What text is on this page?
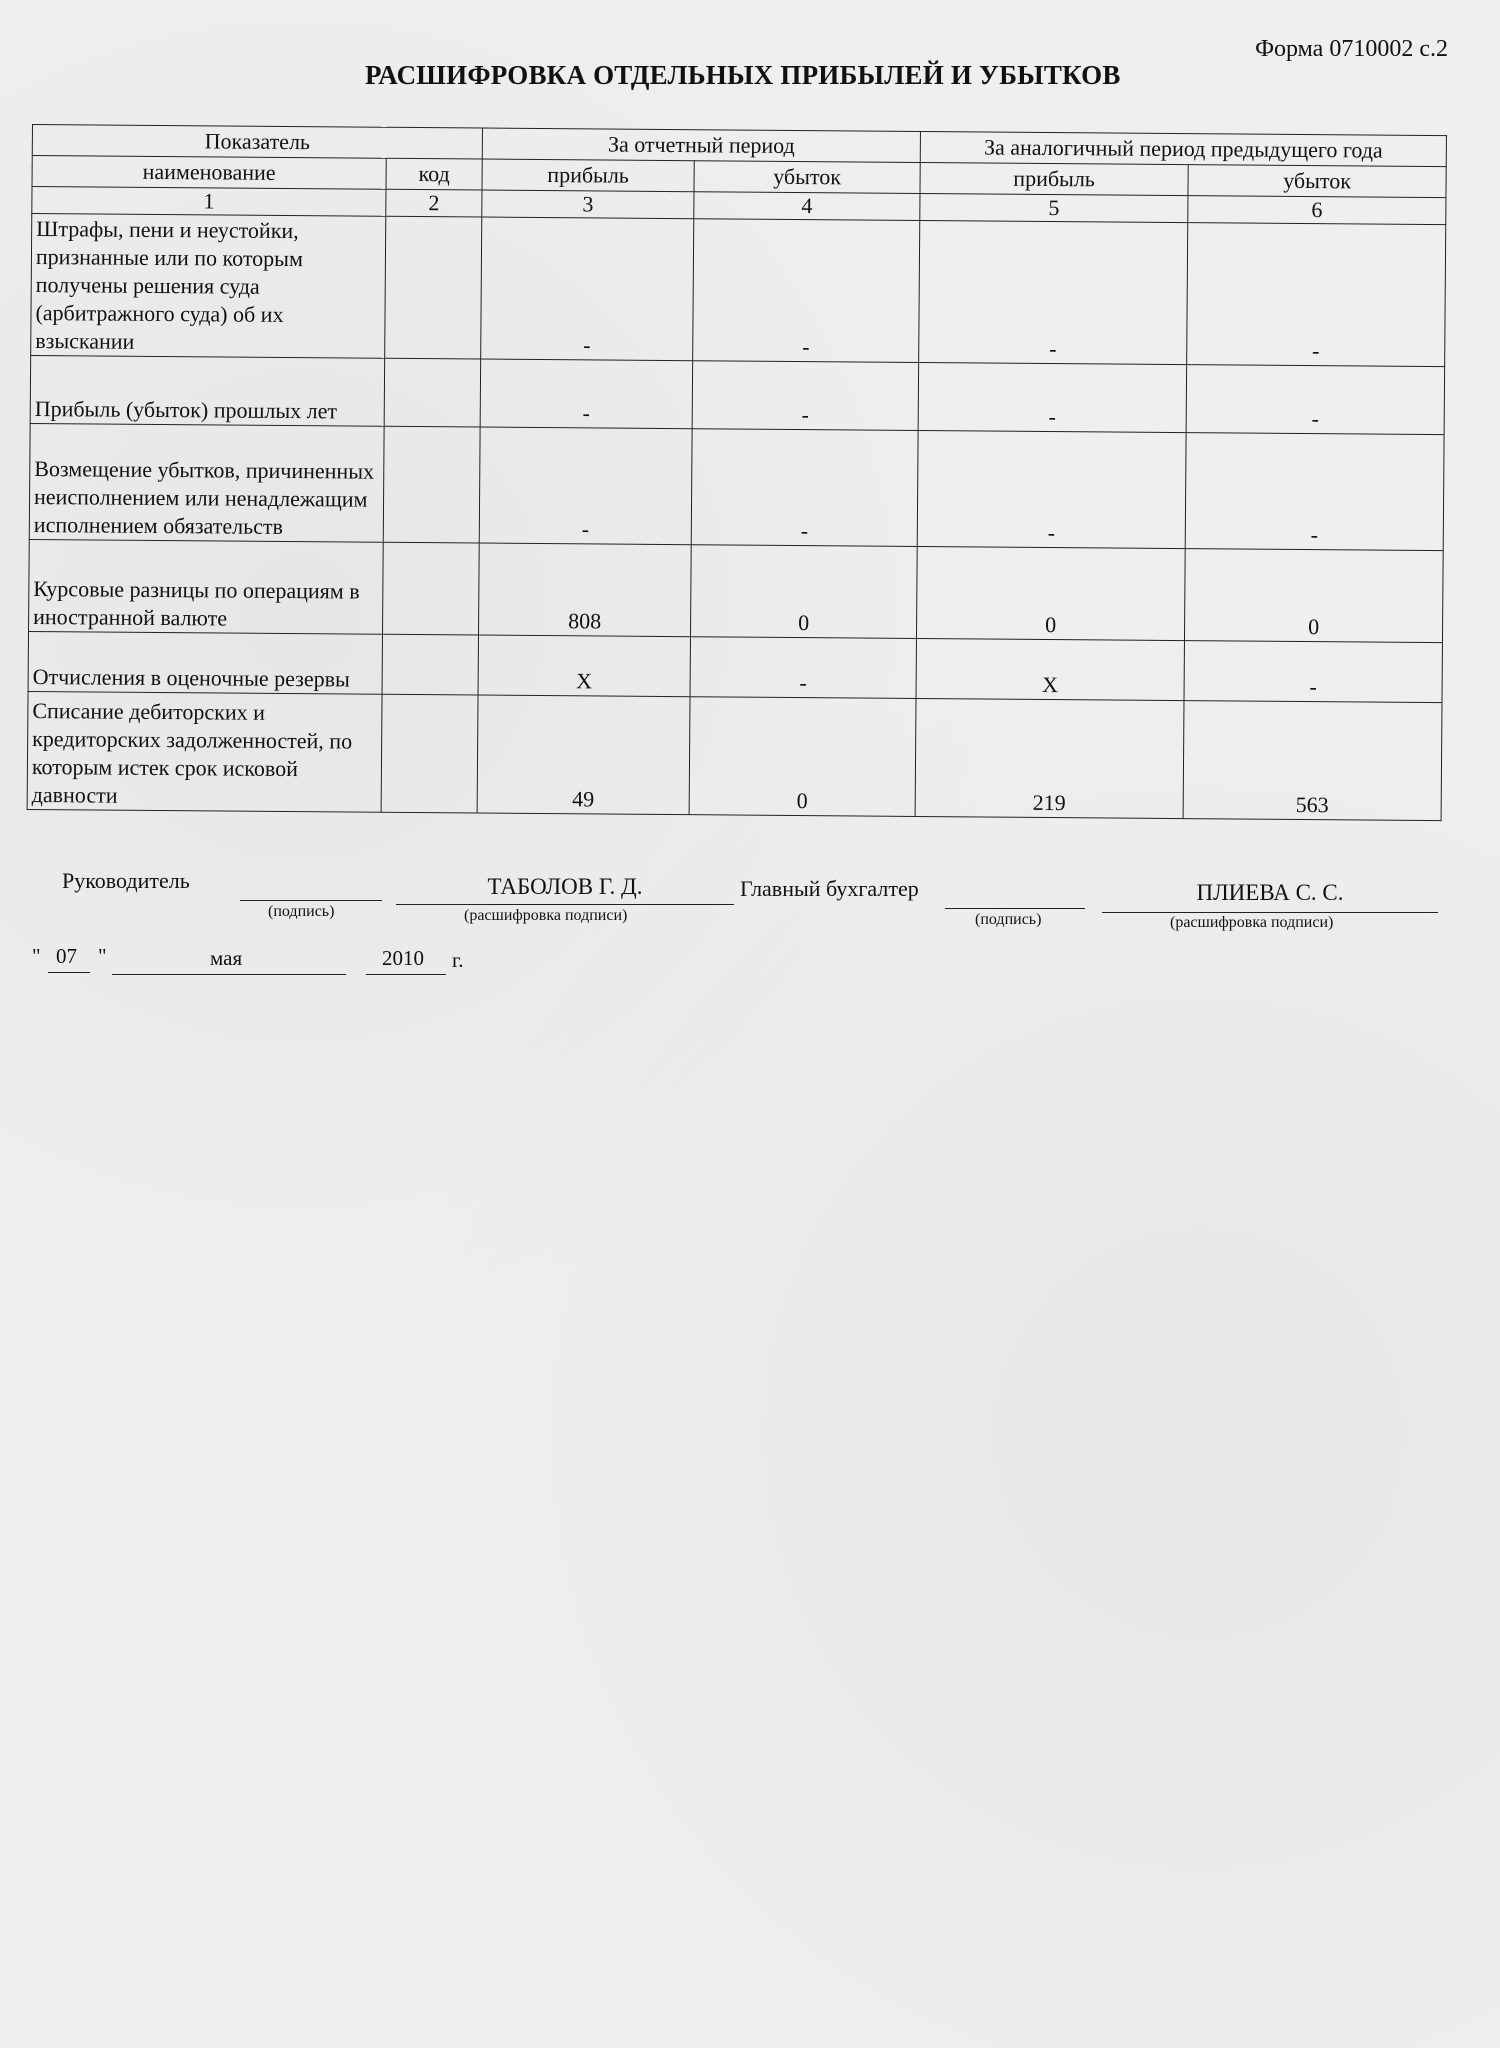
Форма 0710002 с.2
РАСШИФРОВКА ОТДЕЛЬНЫХ ПРИБЫЛЕЙ И УБЫТКОВ
Показатель		За отчетный период		За аналогичный период предыдущего года	
наименование	код	прибыль	убыток	прибыль	убыток
1	2	3	4	5	6
Штрафы, пени и неустойки, признанные или по которым получены решения суда (арбитражного суда) об их взыскании		-	-	-	-
Прибыль (убыток) прошлых лет		-	-	-	-
Возмещение убытков, причиненных неисполнением или ненадлежащим исполнением обязательств		-	-	-	-
Курсовые разницы по операциям в иностранной валюте		808	0	0	0
Отчисления в оценочные резервы		X	-	X	-
Списание дебиторских и кредиторских задолженностей, по которым истек срок исковой давности		49	0	219	563
Руководитель
(подпись)
ТАБОЛОВ Г. Д.
(расшифровка подписи)
Главный бухгалтер
(подпись)
ПЛИЕВА С. С.
(расшифровка подписи)
" 07 "	мая	2010 г.
